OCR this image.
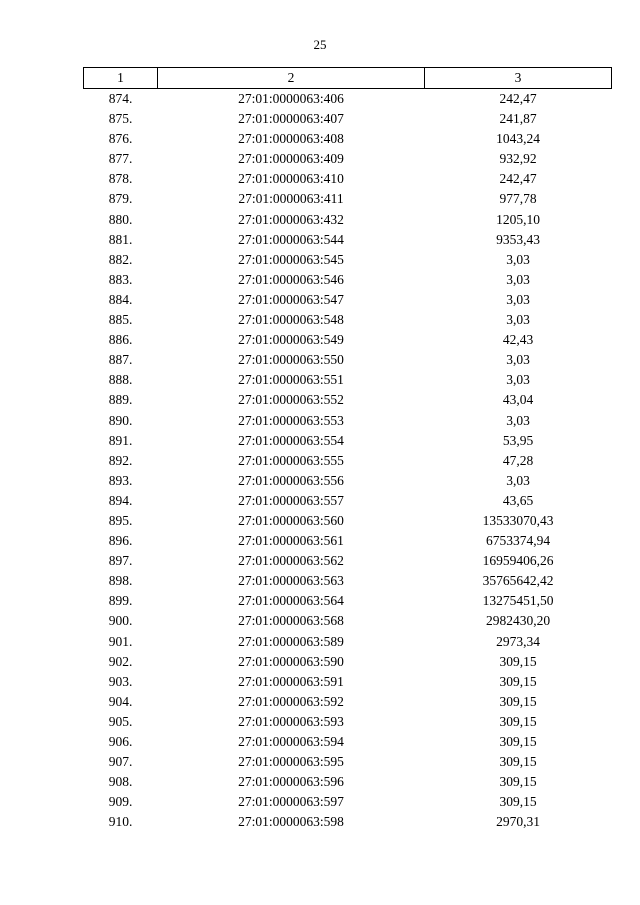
25
1	2	3
874.	27:01:0000063:406	242,47
875.	27:01:0000063:407	241,87
876.	27:01:0000063:408	1043,24
877.	27:01:0000063:409	932,92
878.	27:01:0000063:410	242,47
879.	27:01:0000063:411	977,78
880.	27:01:0000063:432	1205,10
881.	27:01:0000063:544	9353,43
882.	27:01:0000063:545	3,03
883.	27:01:0000063:546	3,03
884.	27:01:0000063:547	3,03
885.	27:01:0000063:548	3,03
886.	27:01:0000063:549	42,43
887.	27:01:0000063:550	3,03
888.	27:01:0000063:551	3,03
889.	27:01:0000063:552	43,04
890.	27:01:0000063:553	3,03
891.	27:01:0000063:554	53,95
892.	27:01:0000063:555	47,28
893.	27:01:0000063:556	3,03
894.	27:01:0000063:557	43,65
895.	27:01:0000063:560	13533070,43
896.	27:01:0000063:561	6753374,94
897.	27:01:0000063:562	16959406,26
898.	27:01:0000063:563	35765642,42
899.	27:01:0000063:564	13275451,50
900.	27:01:0000063:568	2982430,20
901.	27:01:0000063:589	2973,34
902.	27:01:0000063:590	309,15
903.	27:01:0000063:591	309,15
904.	27:01:0000063:592	309,15
905.	27:01:0000063:593	309,15
906.	27:01:0000063:594	309,15
907.	27:01:0000063:595	309,15
908.	27:01:0000063:596	309,15
909.	27:01:0000063:597	309,15
910.	27:01:0000063:598	2970,31
